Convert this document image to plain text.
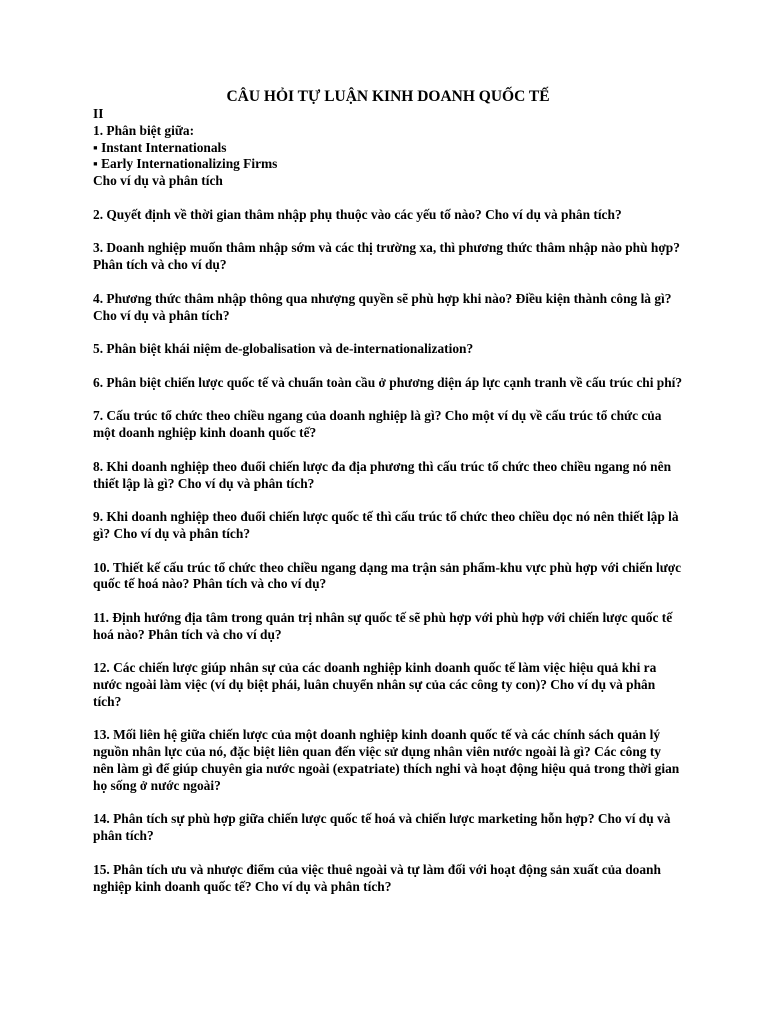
CÂU HỎI TỰ LUẬN KINH DOANH QUỐC TẾ

II

1. Phân biệt giữa:

▪ Instant Internationals

▪ Early Internationalizing Firms

Cho ví dụ và phân tích

2. Quyết định về thời gian thâm nhập phụ thuộc vào các yếu tố nào? Cho ví dụ và phân tích?

3. Doanh nghiệp muốn thâm nhập sớm và các thị trường xa, thì phương thức thâm nhập nào phù hợp? Phân tích và cho ví dụ?

4. Phương thức thâm nhập thông qua nhượng quyền sẽ phù hợp khi nào? Điều kiện thành công là gì? Cho ví dụ và phân tích?

5. Phân biệt khái niệm de-globalisation và de-internationalization?

6. Phân biệt chiến lược quốc tế và chuẩn toàn cầu ở phương diện áp lực cạnh tranh về cấu trúc chi phí?

7. Cấu trúc tổ chức theo chiều ngang của doanh nghiệp là gì? Cho một ví dụ về cấu trúc tổ chức của một doanh nghiệp kinh doanh quốc tế?

8. Khi doanh nghiệp theo đuổi chiến lược đa địa phương thì cấu trúc tổ chức theo chiều ngang nó nên thiết lập là gì? Cho ví dụ và phân tích?

9. Khi doanh nghiệp theo đuổi chiến lược quốc tế thì cấu trúc tổ chức theo chiều dọc nó nên thiết lập là gì? Cho ví dụ và phân tích?

10. Thiết kế cấu trúc tổ chức theo chiều ngang dạng ma trận sản phẩm-khu vực phù hợp với chiến lược quốc tế hoá nào? Phân tích và cho ví dụ?

11. Định hướng địa tâm trong quản trị nhân sự quốc tế sẽ phù hợp với phù hợp với chiến lược quốc tế hoá nào? Phân tích và cho ví dụ?

12. Các chiến lược giúp nhân sự của các doanh nghiệp kinh doanh quốc tế làm việc hiệu quả khi ra nước ngoài làm việc (ví dụ biệt phái, luân chuyển nhân sự của các công ty con)? Cho ví dụ và phân tích?

13. Mối liên hệ giữa chiến lược của một doanh nghiệp kinh doanh quốc tế và các chính sách quản lý nguồn nhân lực của nó, đặc biệt liên quan đến việc sử dụng nhân viên nước ngoài là gì? Các công ty nên làm gì để giúp chuyên gia nước ngoài (expatriate) thích nghi và hoạt động hiệu quả trong thời gian họ sống ở nước ngoài?

14. Phân tích sự phù hợp giữa chiến lược quốc tế hoá và chiến lược marketing hỗn hợp? Cho ví dụ và phân tích?

15. Phân tích ưu và nhược điểm của việc thuê ngoài và tự làm đối với hoạt động sản xuất của doanh nghiệp kinh doanh quốc tế? Cho ví dụ và phân tích?
